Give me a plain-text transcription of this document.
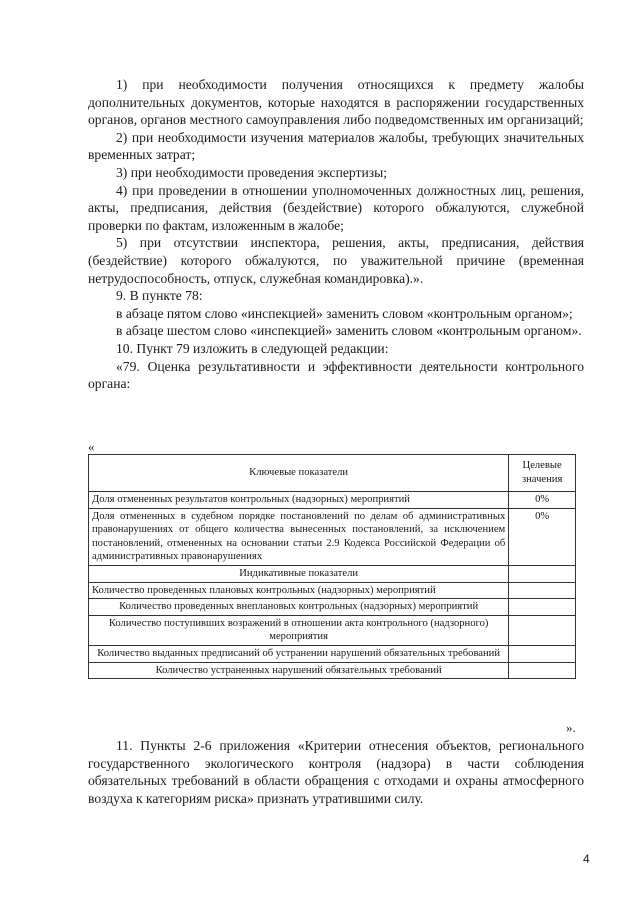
1) при необходимости получения относящихся к предмету жалобы дополнительных документов, которые находятся в распоряжении государственных органов, органов местного самоуправления либо подведомственных им организаций;

2) при необходимости изучения материалов жалобы, требующих значительных временных затрат;

3) при необходимости проведения экспертизы;

4) при проведении в отношении уполномоченных должностных лиц, решения, акты, предписания, действия (бездействие) которого обжалуются, служебной проверки по фактам, изложенным в жалобе;

5) при отсутствии инспектора, решения, акты, предписания, действия (бездействие) которого обжалуются, по уважительной причине (временная нетрудоспособность, отпуск, служебная командировка).».

9. В пункте 78:

в абзаце пятом слово «инспекцией» заменить словом «контрольным органом»;

в абзаце шестом слово «инспекцией» заменить словом «контрольным органом».

10. Пункт 79 изложить в следующей редакции:

«79. Оценка результативности и эффективности деятельности контрольного органа:

«
Ключевые показатели	Целевые значения
Доля отмененных результатов контрольных (надзорных) мероприятий	0%
Доля отмененных в судебном порядке постановлений по делам об административных правонарушениях от общего количества вынесенных постановлений, за исключением постановлений, отмененных на основании статьи 2.9 Кодекса Российской Федерации об административных правонарушениях	0%
Индикативные показатели	
Количество проведенных плановых контрольных (надзорных) мероприятий	
Количество проведенных внеплановых контрольных (надзорных) мероприятий	
Количество поступивших возражений в отношении акта контрольного (надзорного) мероприятия	
Количество выданных предписаний об устранении нарушений обязательных требований	
Количество устраненных нарушений обязательных требований	
».

11. Пункты 2-6 приложения «Критерии отнесения объектов, регионального государственного экологического контроля (надзора) в части соблюдения обязательных требований в области обращения с отходами и охраны атмосферного воздуха к категориям риска» признать утратившими силу.

4
